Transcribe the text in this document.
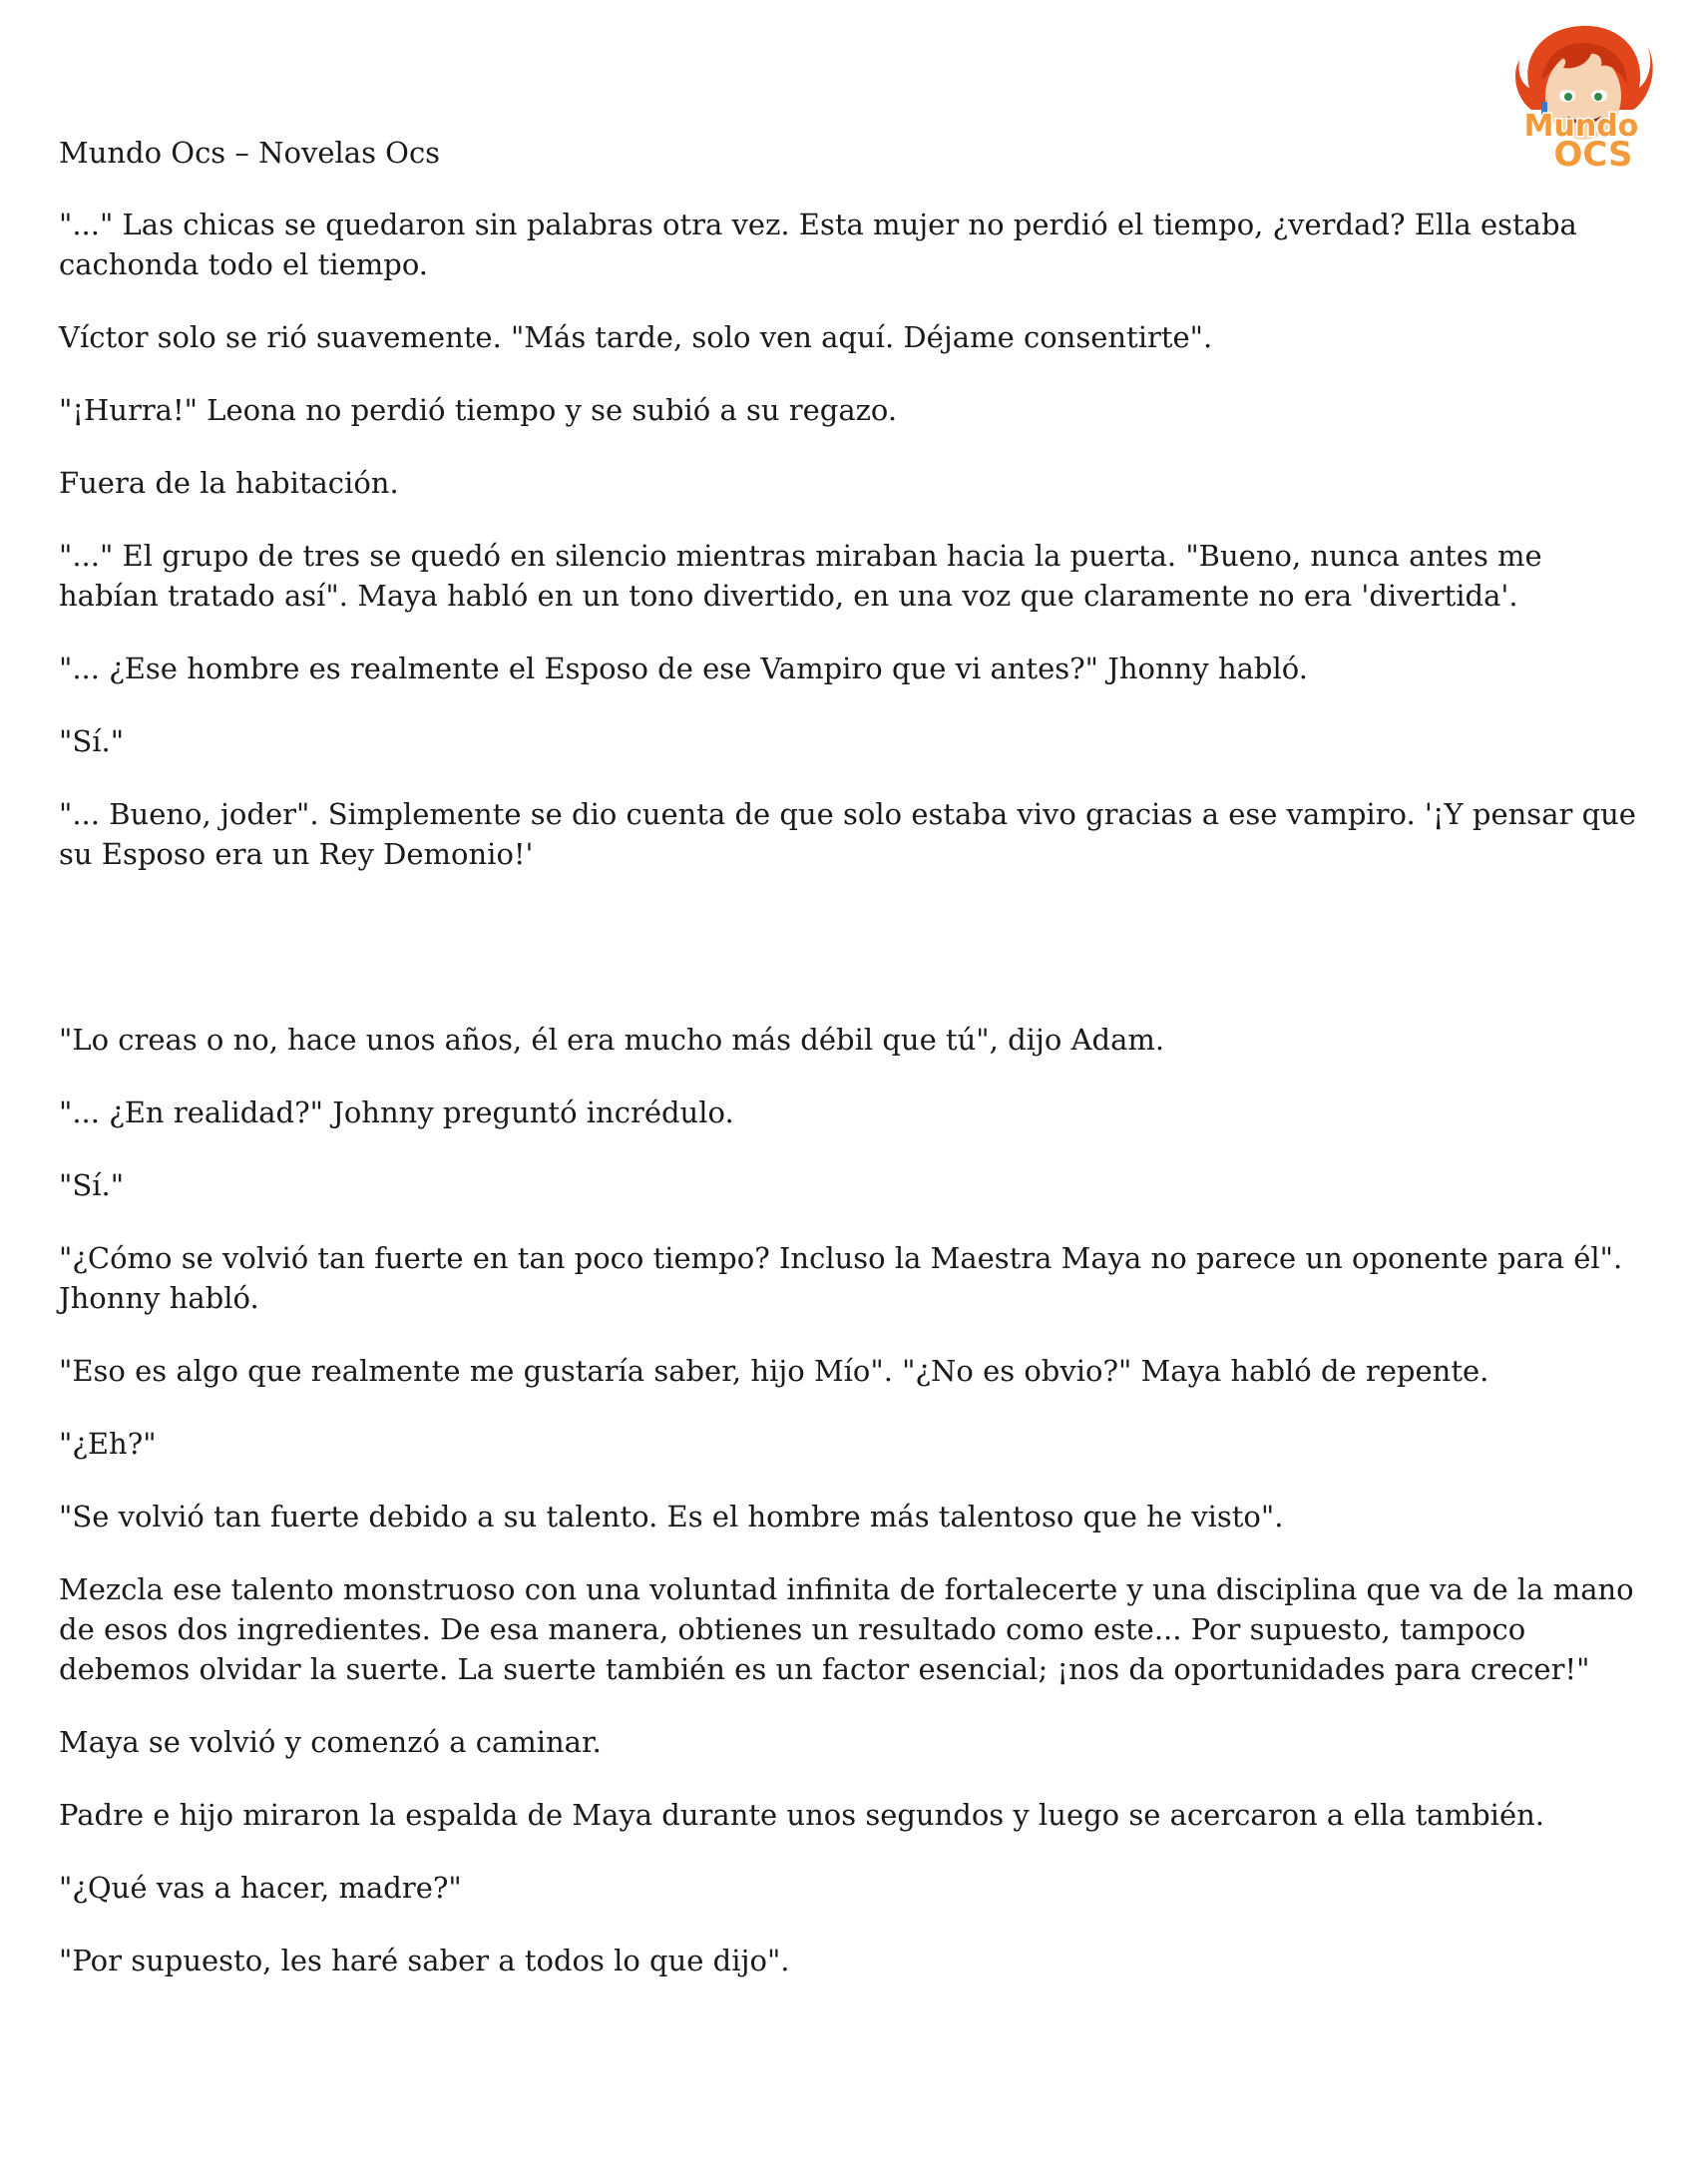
Mundo Ocs – Novelas Ocs
Mundo
OCS

"..." Las chicas se quedaron sin palabras otra vez. Esta mujer no perdió el tiempo, ¿verdad? Ella estaba cachonda todo el tiempo.

Víctor solo se rió suavemente. "Más tarde, solo ven aquí. Déjame consentirte".

"¡Hurra!" Leona no perdió tiempo y se subió a su regazo.

Fuera de la habitación.

"..." El grupo de tres se quedó en silencio mientras miraban hacia la puerta. "Bueno, nunca antes me habían tratado así". Maya habló en un tono divertido, en una voz que claramente no era 'divertida'.

"... ¿Ese hombre es realmente el Esposo de ese Vampiro que vi antes?" Jhonny habló.

"Sí."

"... Bueno, joder". Simplemente se dio cuenta de que solo estaba vivo gracias a ese vampiro. '¡Y pensar que su Esposo era un Rey Demonio!'

"Lo creas o no, hace unos años, él era mucho más débil que tú", dijo Adam.

"... ¿En realidad?" Johnny preguntó incrédulo.

"Sí."

"¿Cómo se volvió tan fuerte en tan poco tiempo? Incluso la Maestra Maya no parece un oponente para él". Jhonny habló.

"Eso es algo que realmente me gustaría saber, hijo Mío". "¿No es obvio?" Maya habló de repente.

"¿Eh?"

"Se volvió tan fuerte debido a su talento. Es el hombre más talentoso que he visto".

Mezcla ese talento monstruoso con una voluntad infinita de fortalecerte y una disciplina que va de la mano de esos dos ingredientes. De esa manera, obtienes un resultado como este... Por supuesto, tampoco debemos olvidar la suerte. La suerte también es un factor esencial; ¡nos da oportunidades para crecer!"

Maya se volvió y comenzó a caminar.

Padre e hijo miraron la espalda de Maya durante unos segundos y luego se acercaron a ella también.

"¿Qué vas a hacer, madre?"

"Por supuesto, les haré saber a todos lo que dijo".
